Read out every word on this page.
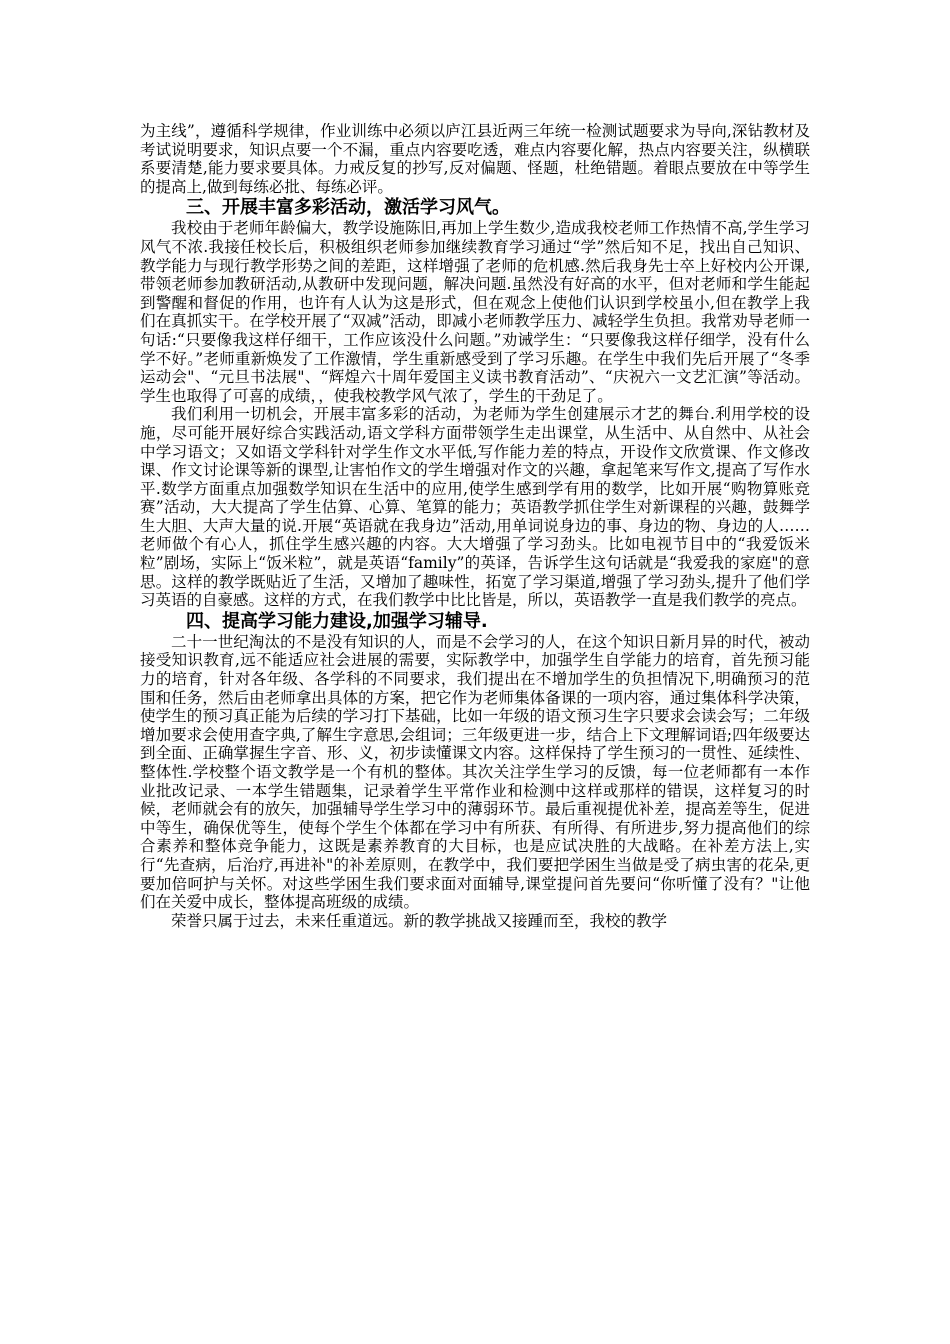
为主线”，遵循科学规律，作业训练中必须以庐江县近两三年统一检测试题要求为导向,深钻教材及考试说明要求，知识点要一个不漏，重点内容要吃透，难点内容要化解，热点内容要关注，纵横联系要清楚,能力要求要具体。力戒反复的抄写,反对偏题、怪题，杜绝错题。着眼点要放在中等学生的提高上,做到每练必批、每练必评。

三、开展丰富多彩活动，激活学习风气。

我校由于老师年龄偏大，教学设施陈旧,再加上学生数少,造成我校老师工作热情不高,学生学习风气不浓.我接任校长后，积极组织老师参加继续教育学习通过“学”然后知不足，找出自己知识、教学能力与现行教学形势之间的差距，这样增强了老师的危机感.然后我身先士卒上好校内公开课,带领老师参加教研活动,从教研中发现问题，解决问题.虽然没有好高的水平，但对老师和学生能起到警醒和督促的作用，也许有人认为这是形式，但在观念上使他们认识到学校虽小,但在教学上我们在真抓实干。在学校开展了“双减”活动，即减小老师教学压力、减轻学生负担。我常劝导老师一句话:“只要像我这样仔细干，工作应该没什么问题。”劝诫学生：“只要像我这样仔细学，没有什么学不好。”老师重新焕发了工作激情，学生重新感受到了学习乐趣。在学生中我们先后开展了“冬季运动会"、“元旦书法展"、“辉煌六十周年爱国主义读书教育活动”、“庆祝六一文艺汇演”等活动。学生也取得了可喜的成绩，，使我校教学风气浓了，学生的干劲足了。

我们利用一切机会，开展丰富多彩的活动，为老师为学生创建展示才艺的舞台.利用学校的设施，尽可能开展好综合实践活动,语文学科方面带领学生走出课堂，从生活中、从自然中、从社会中学习语文；又如语文学科针对学生作文水平低,写作能力差的特点，开设作文欣赏课、作文修改课、作文讨论课等新的课型,让害怕作文的学生增强对作文的兴趣，拿起笔来写作文,提高了写作水平.数学方面重点加强数学知识在生活中的应用,使学生感到学有用的数学，比如开展“购物算账竞赛”活动，大大提高了学生估算、心算、笔算的能力；英语教学抓住学生对新课程的兴趣，鼓舞学生大胆、大声大量的说.开展“英语就在我身边”活动,用单词说身边的事、身边的物、身边的人……老师做个有心人，抓住学生感兴趣的内容。大大增强了学习劲头。比如电视节目中的“我爱饭米粒”剧场，实际上“饭米粒”，就是英语“family”的英译，告诉学生这句话就是“我爱我的家庭"的意思。这样的教学既贴近了生活，又增加了趣味性，拓宽了学习渠道,增强了学习劲头,提升了他们学习英语的自豪感。这样的方式，在我们教学中比比皆是，所以，英语教学一直是我们教学的亮点。

四、提高学习能力建设,加强学习辅导.

二十一世纪淘汰的不是没有知识的人，而是不会学习的人，在这个知识日新月异的时代，被动接受知识教育,远不能适应社会进展的需要，实际教学中，加强学生自学能力的培育，首先预习能力的培育，针对各年级、各学科的不同要求，我们提出在不增加学生的负担情况下,明确预习的范围和任务，然后由老师拿出具体的方案，把它作为老师集体备课的一项内容，通过集体科学决策，使学生的预习真正能为后续的学习打下基础，比如一年级的语文预习生字只要求会读会写；二年级增加要求会使用查字典,了解生字意思,会组词；三年级更进一步，结合上下文理解词语;四年级要达到全面、正确掌握生字音、形、义，初步读懂课文内容。这样保持了学生预习的一贯性、延续性、整体性.学校整个语文教学是一个有机的整体。其次关注学生学习的反馈，每一位老师都有一本作业批改记录、一本学生错题集，记录着学生平常作业和检测中这样或那样的错误，这样复习的时候，老师就会有的放矢，加强辅导学生学习中的薄弱环节。最后重视提优补差，提高差等生，促进中等生，确保优等生，使每个学生个体都在学习中有所获、有所得、有所进步,努力提高他们的综合素养和整体竞争能力，这既是素养教育的大目标，也是应试决胜的大战略。在补差方法上,实行“先查病，后治疗,再进补"的补差原则，在教学中，我们要把学困生当做是受了病虫害的花朵,更要加倍呵护与关怀。对这些学困生我们要求面对面辅导,课堂提问首先要问“你听懂了没有？"让他们在关爱中成长，整体提高班级的成绩。

荣誉只属于过去，未来任重道远。新的教学挑战又接踵而至，我校的教学
